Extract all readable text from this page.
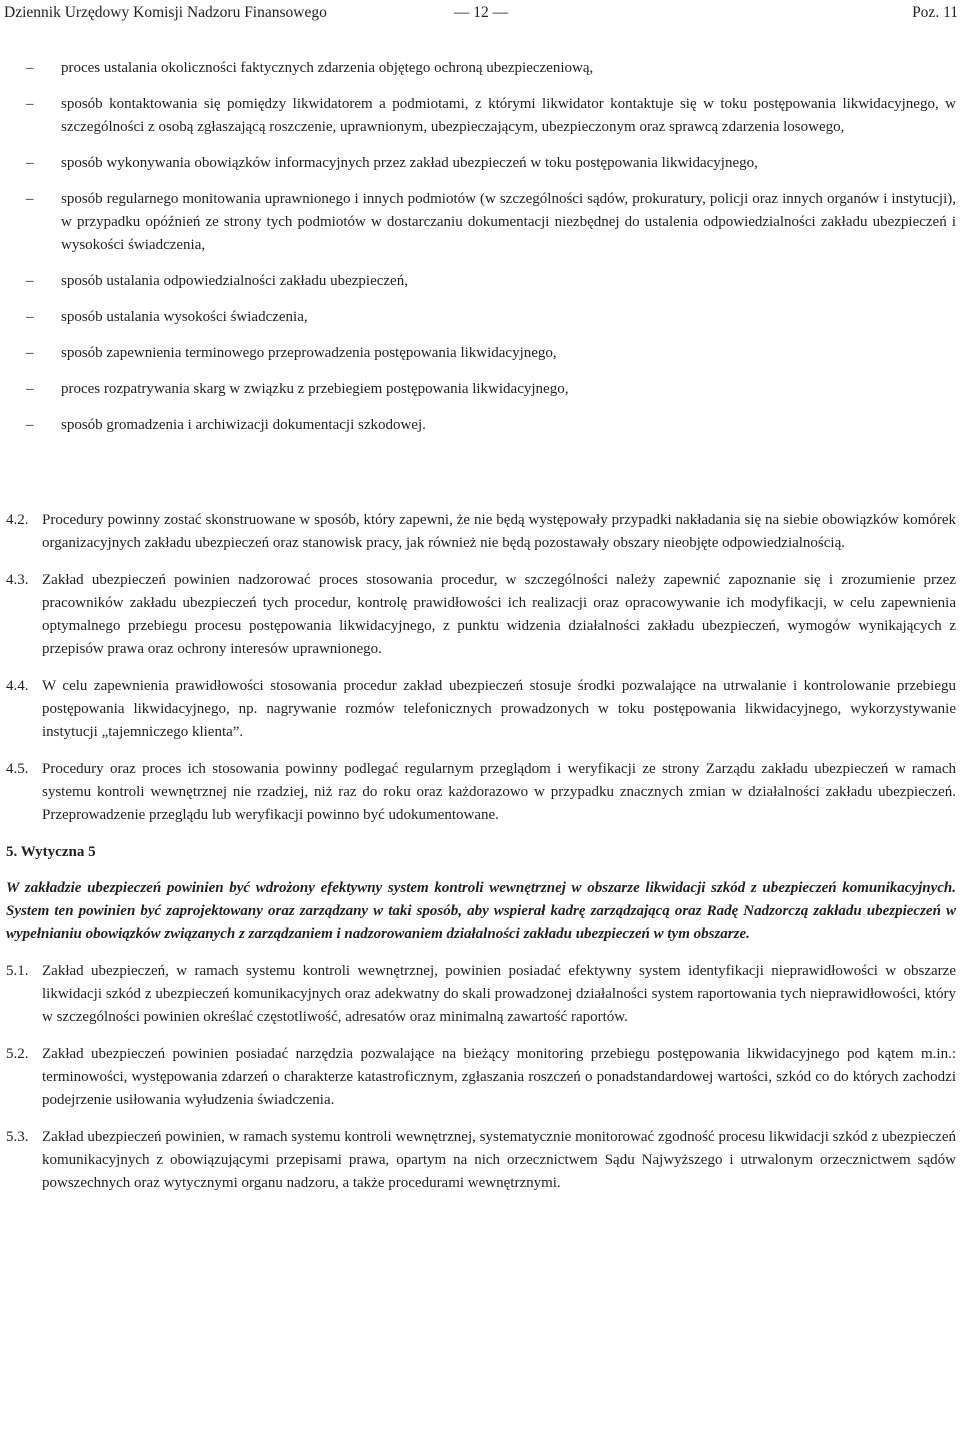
Dziennik Urzędowy Komisji Nadzoru Finansowego	— 12 —	Poz. 11
–	proces ustalania okoliczności faktycznych zdarzenia objętego ochroną ubezpieczeniową,
–	sposób kontaktowania się pomiędzy likwidatorem a podmiotami, z którymi likwidator kontaktuje się w toku postępowania likwidacyjnego, w szczególności z osobą zgłaszającą roszczenie, uprawnionym, ubezpieczającym, ubezpieczonym oraz sprawcą zdarzenia losowego,
–	sposób wykonywania obowiązków informacyjnych przez zakład ubezpieczeń w toku postępowania likwidacyjnego,
–	sposób regularnego monitowania uprawnionego i innych podmiotów (w szczególności sądów, prokuratury, policji oraz innych organów i instytucji), w przypadku opóźnień ze strony tych podmiotów w dostarczaniu dokumentacji niezbędnej do ustalenia odpowiedzialności zakładu ubezpieczeń i wysokości świadczenia,
–	sposób ustalania odpowiedzialności zakładu ubezpieczeń,
–	sposób ustalania wysokości świadczenia,
–	sposób zapewnienia terminowego przeprowadzenia postępowania likwidacyjnego,
–	proces rozpatrywania skarg w związku z przebiegiem postępowania likwidacyjnego,
–	sposób gromadzenia i archiwizacji dokumentacji szkodowej.
4.2. Procedury powinny zostać skonstruowane w sposób, który zapewni, że nie będą występowały przypadki nakładania się na siebie obowiązków komórek organizacyjnych zakładu ubezpieczeń oraz stanowisk pracy, jak również nie będą pozostawały obszary nieobjęte odpowiedzialnością.
4.3. Zakład ubezpieczeń powinien nadzorować proces stosowania procedur, w szczególności należy zapewnić zapoznanie się i zrozumienie przez pracowników zakładu ubezpieczeń tych procedur, kontrolę prawidłowości ich realizacji oraz opracowywanie ich modyfikacji, w celu zapewnienia optymalnego przebiegu procesu postępowania likwidacyjnego, z punktu widzenia działalności zakładu ubezpieczeń, wymogów wynikających z przepisów prawa oraz ochrony interesów uprawnionego.
4.4. W celu zapewnienia prawidłowości stosowania procedur zakład ubezpieczeń stosuje środki pozwalające na utrwalanie i kontrolowanie przebiegu postępowania likwidacyjnego, np. nagrywanie rozmów telefonicznych prowadzonych w toku postępowania likwidacyjnego, wykorzystywanie instytucji „tajemniczego klienta”.
4.5. Procedury oraz proces ich stosowania powinny podlegać regularnym przeglądom i weryfikacji ze strony Zarządu zakładu ubezpieczeń w ramach systemu kontroli wewnętrznej nie rzadziej, niż raz do roku oraz każdorazowo w przypadku znacznych zmian w działalności zakładu ubezpieczeń. Przeprowadzenie przeglądu lub weryfikacji powinno być udokumentowane.
5. Wytyczna 5
W zakładzie ubezpieczeń powinien być wdrożony efektywny system kontroli wewnętrznej w obszarze likwidacji szkód z ubezpieczeń komunikacyjnych. System ten powinien być zaprojektowany oraz zarządzany w taki sposób, aby wspierał kadrę zarządzającą oraz Radę Nadzorczą zakładu ubezpieczeń w wypełnianiu obowiązków związanych z zarządzaniem i nadzorowaniem działalności zakładu ubezpieczeń w tym obszarze.
5.1. Zakład ubezpieczeń, w ramach systemu kontroli wewnętrznej, powinien posiadać efektywny system identyfikacji nieprawidłowości w obszarze likwidacji szkód z ubezpieczeń komunikacyjnych oraz adekwatny do skali prowadzonej działalności system raportowania tych nieprawidłowości, który w szczególności powinien określać częstotliwość, adresatów oraz minimalną zawartość raportów.
5.2. Zakład ubezpieczeń powinien posiadać narzędzia pozwalające na bieżący monitoring przebiegu postępowania likwidacyjnego pod kątem m.in.: terminowości, występowania zdarzeń o charakterze katastroficznym, zgłaszania roszczeń o ponadstandardowej wartości, szkód co do których zachodzi podejrzenie usiłowania wyłudzenia świadczenia.
5.3. Zakład ubezpieczeń powinien, w ramach systemu kontroli wewnętrznej, systematycznie monitorować zgodność procesu likwidacji szkód z ubezpieczeń komunikacyjnych z obowiązującymi przepisami prawa, opartym na nich orzecznictwem Sądu Najwyższego i utrwalonym orzecznictwem sądów powszechnych oraz wytycznymi organu nadzoru, a także procedurami wewnętrznymi.
